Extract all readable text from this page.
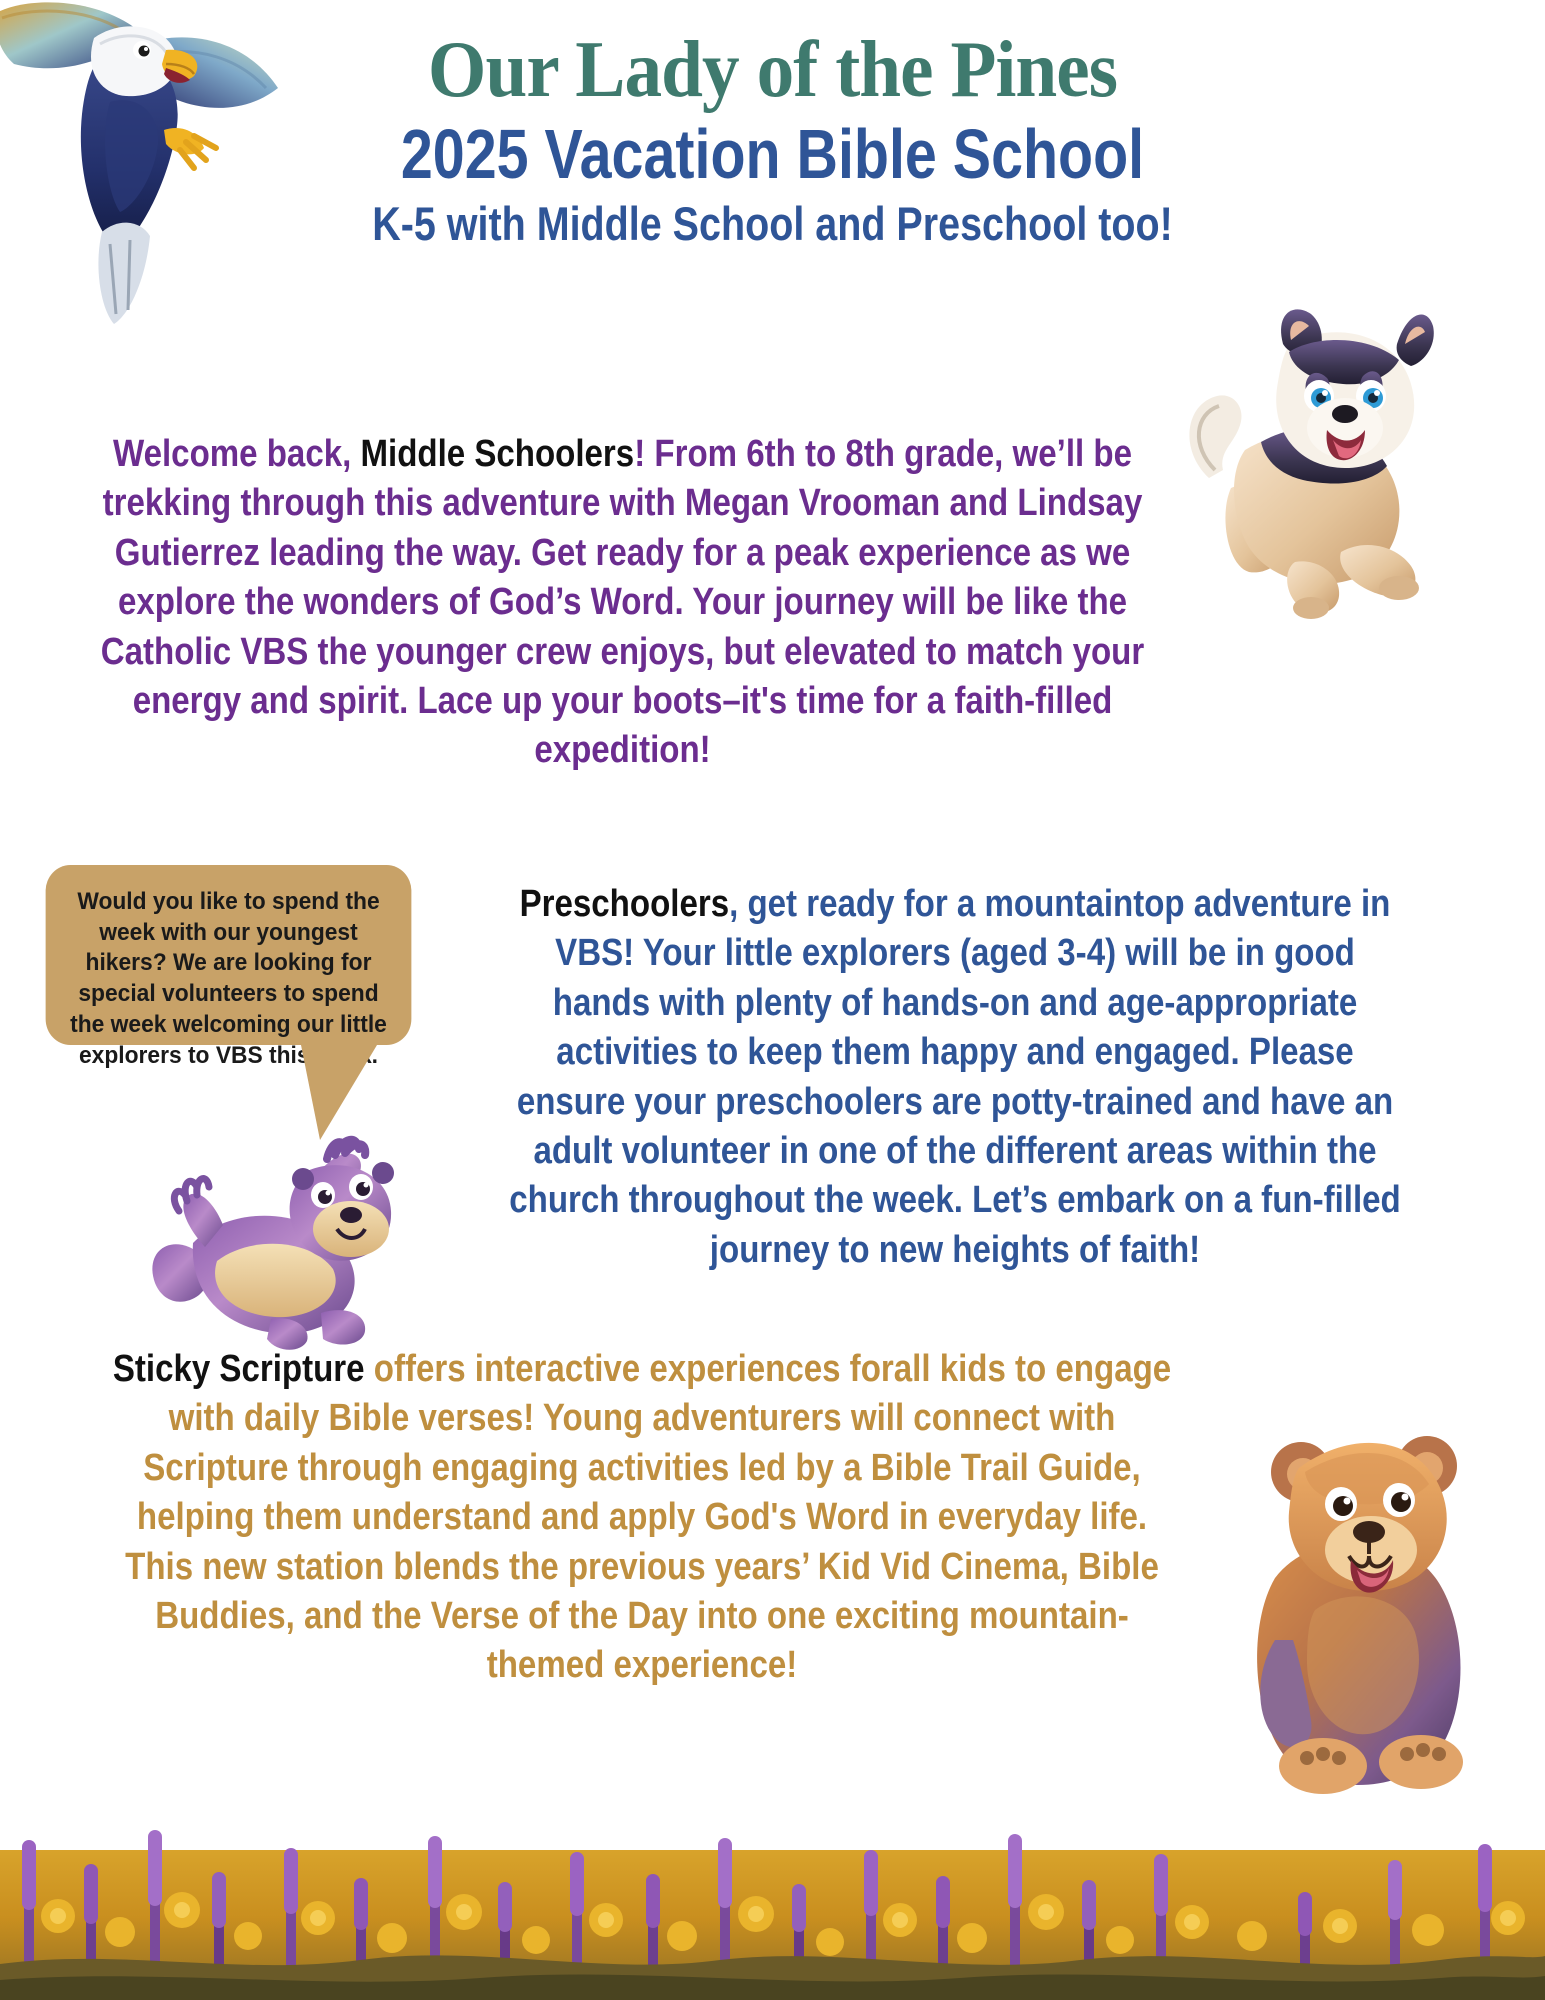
Our Lady of the Pines
2025 Vacation Bible School
K-5 with Middle School and Preschool too!
Welcome back, Middle Schoolers! From 6th to 8th grade, we’ll be trekking through this adventure with Megan Vrooman and Lindsay Gutierrez leading the way. Get ready for a peak experience as we explore the wonders of God’s Word. Your journey will be like the Catholic VBS the younger crew enjoys, but elevated to match your energy and spirit. Lace up your boots–it's time for a faith-filled expedition!
Would you like to spend the week with our youngest hikers? We are looking for special volunteers to spend the week welcoming our little explorers to VBS this week.
Preschoolers, get ready for a mountaintop adventure in VBS! Your little explorers (aged 3-4) will be in good hands with plenty of hands-on and age-appropriate activities to keep them happy and engaged. Please ensure your preschoolers are potty-trained and have an adult volunteer in one of the different areas within the church throughout the week. Let’s embark on a fun-filled journey to new heights of faith!
Sticky Scripture offers interactive experiences forall kids to engage with daily Bible verses! Young adventurers will connect with Scripture through engaging activities led by a Bible Trail Guide, helping them understand and apply God's Word in everyday life. This new station blends the previous years’ Kid Vid Cinema, Bible Buddies, and the Verse of the Day into one exciting mountain-themed experience!
